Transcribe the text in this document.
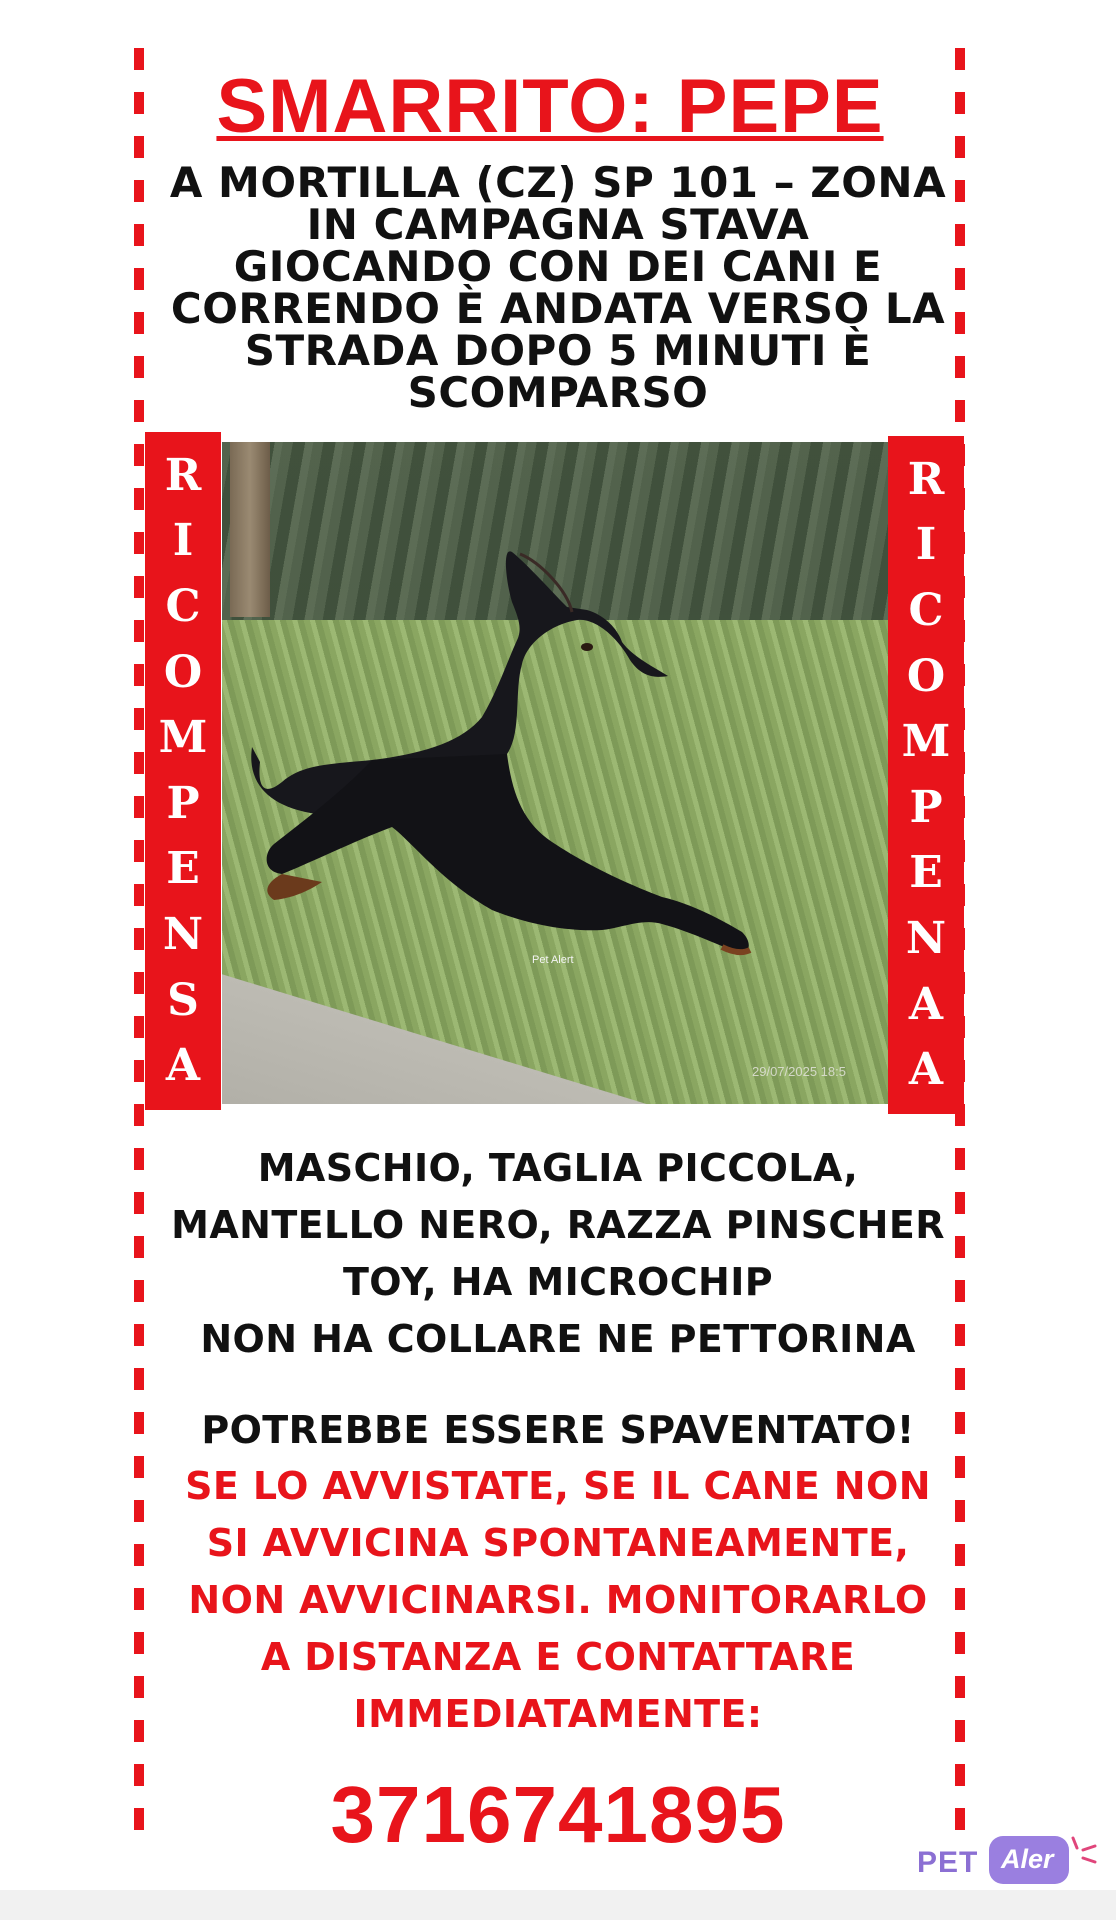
SMARRITO: PEPE
A MORTILLA (CZ) SP 101 – ZONA
IN CAMPAGNA STAVA
GIOCANDO CON DEI CANI E
CORRENDO È ANDATA VERSO LA
STRADA DOPO 5 MINUTI È
SCOMPARSO
Pet Alert
29/07/2025 18:5
R
I
C
O
M
P
E
N
S
A
R
I
C
O
M
P
E
N
A
A
MASCHIO, TAGLIA PICCOLA,
MANTELLO NERO, RAZZA PINSCHER
TOY, HA MICROCHIP
NON HA COLLARE NE PETTORINA
POTREBBE ESSERE SPAVENTATO!
SE LO AVVISTATE, SE IL CANE NON
SI AVVICINA SPONTANEAMENTE,
NON AVVICINARSI. MONITORARLO
A DISTANZA E CONTATTARE
IMMEDIATAMENTE:
3716741895
PET Aler
